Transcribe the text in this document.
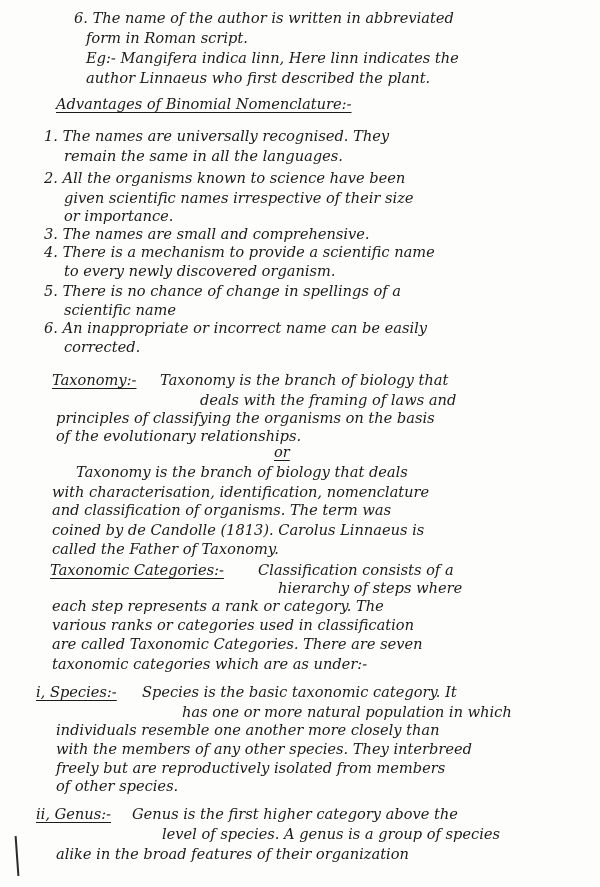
6. The name of the author is written in abbreviated
form in Roman script.
Eg:- Mangifera indica linn, Here linn indicates the
author Linnaeus who first described the plant.
Advantages of Binomial Nomenclature:-
1. The names are universally recognised. They
remain the same in all the languages.
2. All the organisms known to science have been
given scientific names irrespective of their size
or importance.
3. The names are small and comprehensive.
4. There is a mechanism to provide a scientific name
to every newly discovered organism.
5. There is no chance of change in spellings of a
scientific name
6. An inappropriate or incorrect name can be easily
corrected.
Taxonomy:- Taxonomy is the branch of biology that
deals with the framing of laws and
principles of classifying the organisms on the basis
of the evolutionary relationships.
or
Taxonomy is the branch of biology that deals
with characterisation, identification, nomenclature
and classification of organisms. The term was
coined by de Candolle (1813). Carolus Linnaeus is
called the Father of Taxonomy.
Taxonomic Categories:- Classification consists of a
hierarchy of steps where
each step represents a rank or category. The
various ranks or categories used in classification
are called Taxonomic Categories. There are seven
taxonomic categories which are as under:-
i, Species:- Species is the basic taxonomic category. It
has one or more natural population in which
individuals resemble one another more closely than
with the members of any other species. They interbreed
freely but are reproductively isolated from members
of other species.
ii, Genus:- Genus is the first higher category above the
level of species. A genus is a group of species
alike in the broad features of their organization
